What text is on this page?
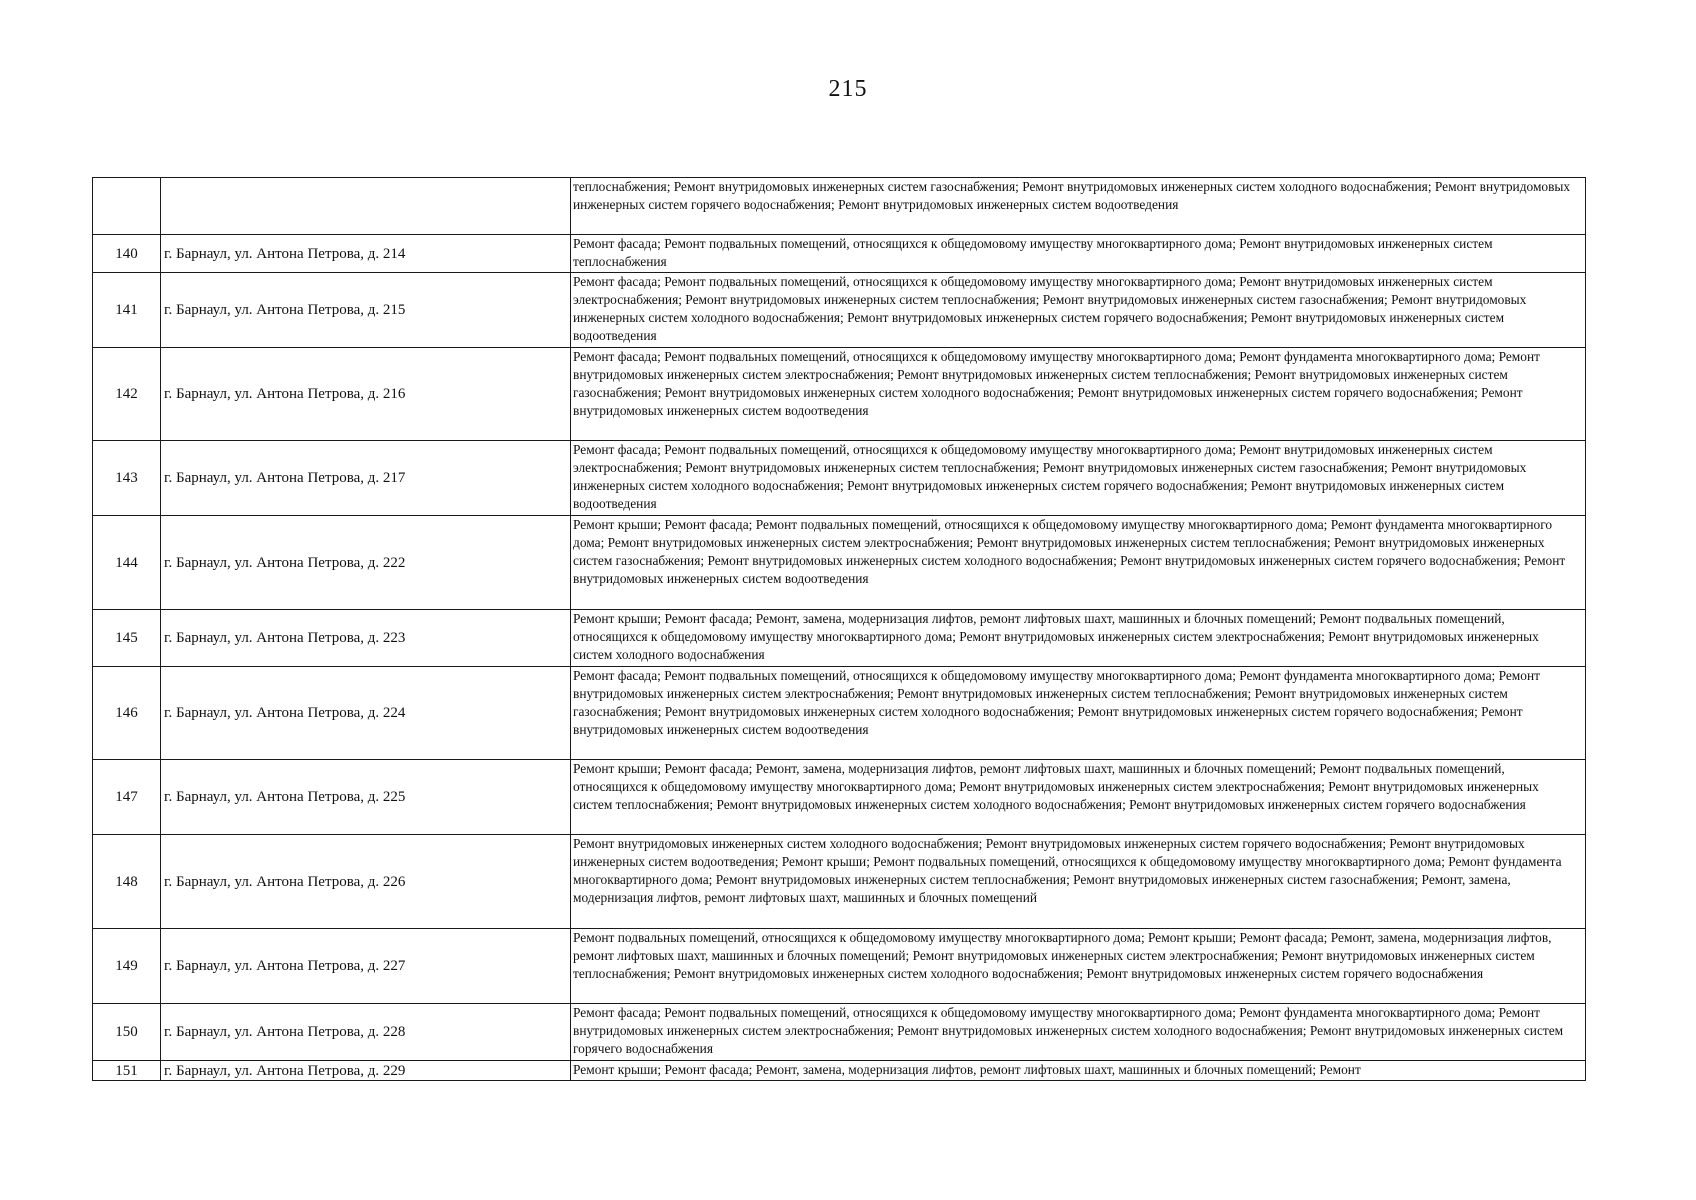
215
		теплоснабжения; Ремонт внутридомовых инженерных систем газоснабжения; Ремонт внутридомовых инженерных систем холодного водоснабжения; Ремонт внутридомовых инженерных систем горячего водоснабжения; Ремонт внутридомовых инженерных систем водоотведения
140	г. Барнаул, ул. Антона Петрова, д. 214	Ремонт фасада; Ремонт подвальных помещений, относящихся к общедомовому имуществу многоквартирного дома; Ремонт внутридомовых инженерных систем теплоснабжения
141	г. Барнаул, ул. Антона Петрова, д. 215	Ремонт фасада; Ремонт подвальных помещений, относящихся к общедомовому имуществу многоквартирного дома; Ремонт внутридомовых инженерных систем электроснабжения; Ремонт внутридомовых инженерных систем теплоснабжения; Ремонт внутридомовых инженерных систем газоснабжения; Ремонт внутридомовых инженерных систем холодного водоснабжения; Ремонт внутридомовых инженерных систем горячего водоснабжения; Ремонт внутридомовых инженерных систем водоотведения
142	г. Барнаул, ул. Антона Петрова, д. 216	Ремонт фасада; Ремонт подвальных помещений, относящихся к общедомовому имуществу многоквартирного дома; Ремонт фундамента многоквартирного дома; Ремонт внутридомовых инженерных систем электроснабжения; Ремонт внутридомовых инженерных систем теплоснабжения; Ремонт внутридомовых инженерных систем газоснабжения; Ремонт внутридомовых инженерных систем холодного водоснабжения; Ремонт внутридомовых инженерных систем горячего водоснабжения; Ремонт внутридомовых инженерных систем водоотведения
143	г. Барнаул, ул. Антона Петрова, д. 217	Ремонт фасада; Ремонт подвальных помещений, относящихся к общедомовому имуществу многоквартирного дома; Ремонт внутридомовых инженерных систем электроснабжения; Ремонт внутридомовых инженерных систем теплоснабжения; Ремонт внутридомовых инженерных систем газоснабжения; Ремонт внутридомовых инженерных систем холодного водоснабжения; Ремонт внутридомовых инженерных систем горячего водоснабжения; Ремонт внутридомовых инженерных систем водоотведения
144	г. Барнаул, ул. Антона Петрова, д. 222	Ремонт крыши; Ремонт фасада; Ремонт подвальных помещений, относящихся к общедомовому имуществу многоквартирного дома; Ремонт фундамента многоквартирного дома; Ремонт внутридомовых инженерных систем электроснабжения; Ремонт внутридомовых инженерных систем теплоснабжения; Ремонт внутридомовых инженерных систем газоснабжения; Ремонт внутридомовых инженерных систем холодного водоснабжения; Ремонт внутридомовых инженерных систем горячего водоснабжения; Ремонт внутридомовых инженерных систем водоотведения
145	г. Барнаул, ул. Антона Петрова, д. 223	Ремонт крыши; Ремонт фасада; Ремонт, замена, модернизация лифтов, ремонт лифтовых шахт, машинных и блочных помещений; Ремонт подвальных помещений, относящихся к общедомовому имуществу многоквартирного дома; Ремонт внутридомовых инженерных систем электроснабжения; Ремонт внутридомовых инженерных систем холодного водоснабжения
146	г. Барнаул, ул. Антона Петрова, д. 224	Ремонт фасада; Ремонт подвальных помещений, относящихся к общедомовому имуществу многоквартирного дома; Ремонт фундамента многоквартирного дома; Ремонт внутридомовых инженерных систем электроснабжения; Ремонт внутридомовых инженерных систем теплоснабжения; Ремонт внутридомовых инженерных систем газоснабжения; Ремонт внутридомовых инженерных систем холодного водоснабжения; Ремонт внутридомовых инженерных систем горячего водоснабжения; Ремонт внутридомовых инженерных систем водоотведения
147	г. Барнаул, ул. Антона Петрова, д. 225	Ремонт крыши; Ремонт фасада; Ремонт, замена, модернизация лифтов, ремонт лифтовых шахт, машинных и блочных помещений; Ремонт подвальных помещений, относящихся к общедомовому имуществу многоквартирного дома; Ремонт внутридомовых инженерных систем электроснабжения; Ремонт внутридомовых инженерных систем теплоснабжения; Ремонт внутридомовых инженерных систем холодного водоснабжения; Ремонт внутридомовых инженерных систем горячего водоснабжения
148	г. Барнаул, ул. Антона Петрова, д. 226	Ремонт внутридомовых инженерных систем холодного водоснабжения; Ремонт внутридомовых инженерных систем горячего водоснабжения; Ремонт внутридомовых инженерных систем водоотведения; Ремонт крыши; Ремонт подвальных помещений, относящихся к общедомовому имуществу многоквартирного дома; Ремонт фундамента многоквартирного дома; Ремонт внутридомовых инженерных систем теплоснабжения; Ремонт внутридомовых инженерных систем газоснабжения; Ремонт, замена, модернизация лифтов, ремонт лифтовых шахт, машинных и блочных помещений
149	г. Барнаул, ул. Антона Петрова, д. 227	Ремонт подвальных помещений, относящихся к общедомовому имуществу многоквартирного дома; Ремонт крыши; Ремонт фасада; Ремонт, замена, модернизация лифтов, ремонт лифтовых шахт, машинных и блочных помещений; Ремонт внутридомовых инженерных систем электроснабжения; Ремонт внутридомовых инженерных систем теплоснабжения; Ремонт внутридомовых инженерных систем холодного водоснабжения; Ремонт внутридомовых инженерных систем горячего водоснабжения
150	г. Барнаул, ул. Антона Петрова, д. 228	Ремонт фасада; Ремонт подвальных помещений, относящихся к общедомовому имуществу многоквартирного дома; Ремонт фундамента многоквартирного дома; Ремонт внутридомовых инженерных систем электроснабжения; Ремонт внутридомовых инженерных систем холодного водоснабжения; Ремонт внутридомовых инженерных систем горячего водоснабжения
151	г. Барнаул, ул. Антона Петрова, д. 229	Ремонт крыши; Ремонт фасада; Ремонт, замена, модернизация лифтов, ремонт лифтовых шахт, машинных и блочных помещений; Ремонт
